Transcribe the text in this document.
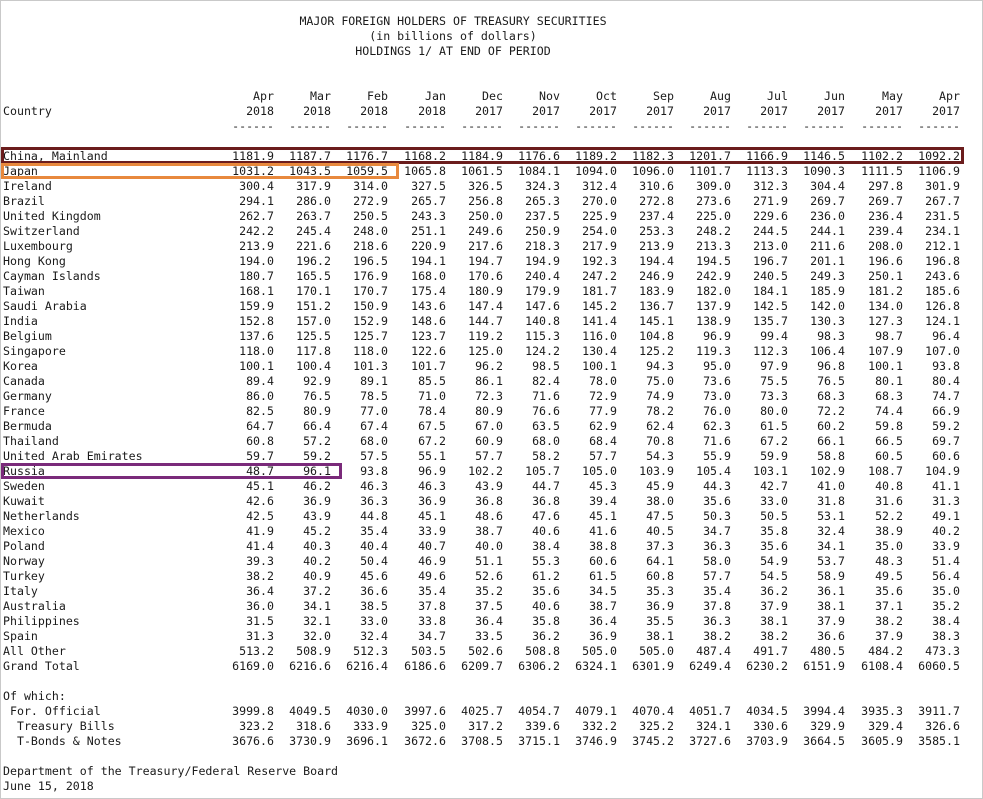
MAJOR FOREIGN HOLDERS OF TREASURY SECURITIES
(in billions of dollars)
HOLDINGS 1/ AT END OF PERIOD
Apr	Mar	Feb	Jan	Dec	Nov	Oct	Sep	Aug	Jul	Jun	May	Apr
Country	2018	2018	2018	2018	2017	2017	2017	2017	2017	2017	2017	2017	2017
------	------	------	------	------	------	------	------	------	------	------	------	------
China, Mainland	1181.9	1187.7	1176.7	1168.2	1184.9	1176.6	1189.2	1182.3	1201.7	1166.9	1146.5	1102.2	1092.2
Japan	1031.2	1043.5	1059.5	1065.8	1061.5	1084.1	1094.0	1096.0	1101.7	1113.3	1090.3	1111.5	1106.9
Ireland	300.4	317.9	314.0	327.5	326.5	324.3	312.4	310.6	309.0	312.3	304.4	297.8	301.9
Brazil	294.1	286.0	272.9	265.7	256.8	265.3	270.0	272.8	273.6	271.9	269.7	269.7	267.7
United Kingdom	262.7	263.7	250.5	243.3	250.0	237.5	225.9	237.4	225.0	229.6	236.0	236.4	231.5
Switzerland	242.2	245.4	248.0	251.1	249.6	250.9	254.0	253.3	248.2	244.5	244.1	239.4	234.1
Luxembourg	213.9	221.6	218.6	220.9	217.6	218.3	217.9	213.9	213.3	213.0	211.6	208.0	212.1
Hong Kong	194.0	196.2	196.5	194.1	194.7	194.9	192.3	194.4	194.5	196.7	201.1	196.6	196.8
Cayman Islands	180.7	165.5	176.9	168.0	170.6	240.4	247.2	246.9	242.9	240.5	249.3	250.1	243.6
Taiwan	168.1	170.1	170.7	175.4	180.9	179.9	181.7	183.9	182.0	184.1	185.9	181.2	185.6
Saudi Arabia	159.9	151.2	150.9	143.6	147.4	147.6	145.2	136.7	137.9	142.5	142.0	134.0	126.8
India	152.8	157.0	152.9	148.6	144.7	140.8	141.4	145.1	138.9	135.7	130.3	127.3	124.1
Belgium	137.6	125.5	125.7	123.7	119.2	115.3	116.0	104.8	96.9	99.4	98.3	98.7	96.4
Singapore	118.0	117.8	118.0	122.6	125.0	124.2	130.4	125.2	119.3	112.3	106.4	107.9	107.0
Korea	100.1	100.4	101.3	101.7	96.2	98.5	100.1	94.3	95.0	97.9	96.8	100.1	93.8
Canada	89.4	92.9	89.1	85.5	86.1	82.4	78.0	75.0	73.6	75.5	76.5	80.1	80.4
Germany	86.0	76.5	78.5	71.0	72.3	71.6	72.9	74.9	73.0	73.3	68.3	68.3	74.7
France	82.5	80.9	77.0	78.4	80.9	76.6	77.9	78.2	76.0	80.0	72.2	74.4	66.9
Bermuda	64.7	66.4	67.4	67.5	67.0	63.5	62.9	62.4	62.3	61.5	60.2	59.8	59.2
Thailand	60.8	57.2	68.0	67.2	60.9	68.0	68.4	70.8	71.6	67.2	66.1	66.5	69.7
United Arab Emirates	59.7	59.2	57.5	55.1	57.7	58.2	57.7	54.3	55.9	59.9	58.8	60.5	60.6
Russia	48.7	96.1	93.8	96.9	102.2	105.7	105.0	103.9	105.4	103.1	102.9	108.7	104.9
Sweden	45.1	46.2	46.3	46.3	43.9	44.7	45.3	45.9	44.3	42.7	41.0	40.8	41.1
Kuwait	42.6	36.9	36.3	36.9	36.8	36.8	39.4	38.0	35.6	33.0	31.8	31.6	31.3
Netherlands	42.5	43.9	44.8	45.1	48.6	47.6	45.1	47.5	50.3	50.5	53.1	52.2	49.1
Mexico	41.9	45.2	35.4	33.9	38.7	40.6	41.6	40.5	34.7	35.8	32.4	38.9	40.2
Poland	41.4	40.3	40.4	40.7	40.0	38.4	38.8	37.3	36.3	35.6	34.1	35.0	33.9
Norway	39.3	40.2	50.4	46.9	51.1	55.3	60.6	64.1	58.0	54.9	53.7	48.3	51.4
Turkey	38.2	40.9	45.6	49.6	52.6	61.2	61.5	60.8	57.7	54.5	58.9	49.5	56.4
Italy	36.4	37.2	36.6	35.4	35.2	35.6	34.5	35.3	35.4	36.2	36.1	35.6	35.0
Australia	36.0	34.1	38.5	37.8	37.5	40.6	38.7	36.9	37.8	37.9	38.1	37.1	35.2
Philippines	31.5	32.1	33.0	33.8	36.4	35.8	36.4	35.5	36.3	38.1	37.9	38.2	38.4
Spain	31.3	32.0	32.4	34.7	33.5	36.2	36.9	38.1	38.2	38.2	36.6	37.9	38.3
All Other	513.2	508.9	512.3	503.5	502.6	508.8	505.0	505.0	487.4	491.7	480.5	484.2	473.3
Grand Total	6169.0	6216.6	6216.4	6186.6	6209.7	6306.2	6324.1	6301.9	6249.4	6230.2	6151.9	6108.4	6060.5
Of which:
For. Official	3999.8	4049.5	4030.0	3997.6	4025.7	4054.7	4079.1	4070.4	4051.7	4034.5	3994.4	3935.3	3911.7
Treasury Bills	323.2	318.6	333.9	325.0	317.2	339.6	332.2	325.2	324.1	330.6	329.9	329.4	326.6
T-Bonds & Notes	3676.6	3730.9	3696.1	3672.6	3708.5	3715.1	3746.9	3745.2	3727.6	3703.9	3664.5	3605.9	3585.1
Department of the Treasury/Federal Reserve Board
June 15, 2018
